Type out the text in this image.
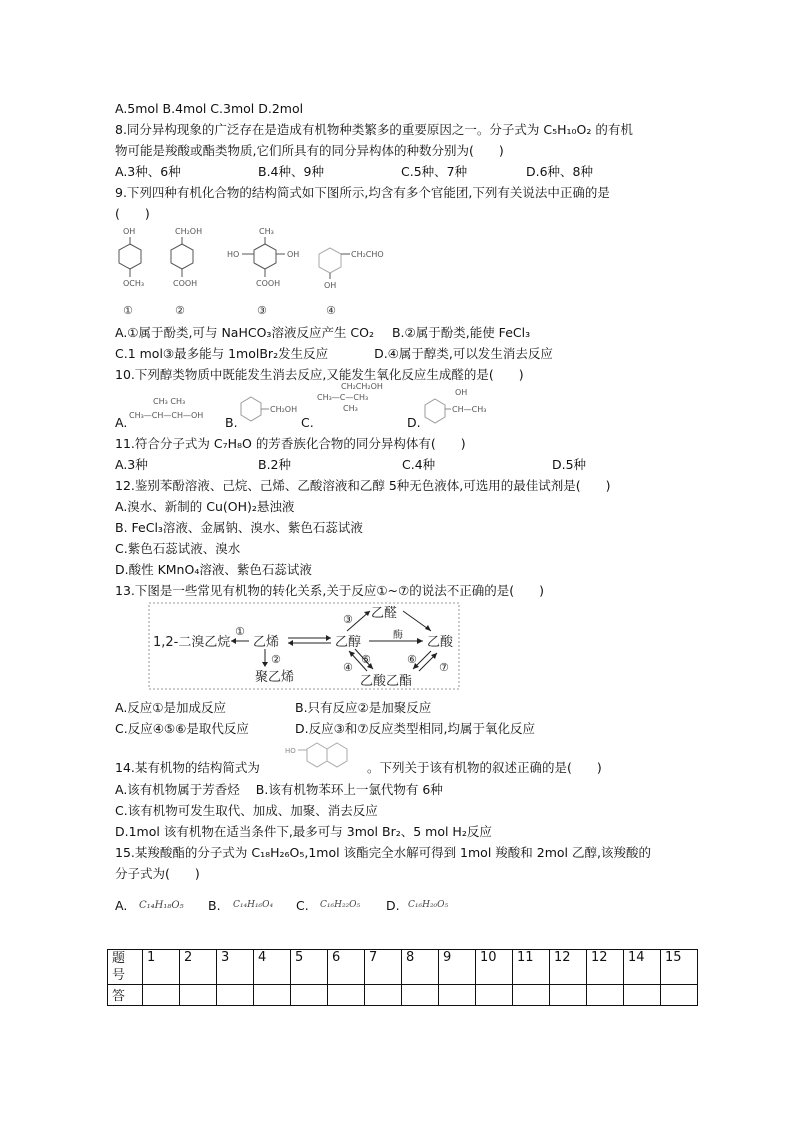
A.5mol B.4mol C.3mol D.2mol

8.同分异构现象的广泛存在是造成有机物种类繁多的重要原因之一。分子式为 C₅H₁₀O₂ 的有机

物可能是羧酸或酯类物质,它们所具有的同分异构体的种数分别为(　　)

A.3种、6种	B.4种、9种	C.5种、7种	D.6种、8种

9.下列四种有机化合物的结构简式如下图所示,均含有多个官能团,下列有关说法中正确的是

(　　)

OH
OCH₃
①
CH₂OH
COOH
②
CH₃
HO	OH
COOH
③
CH₂CHO
OH
④

A.①属于酚类,可与 NaHCO₃溶液反应产生 CO₂ B.②属于酚类,能使 FeCl₃

C.1 mol③最多能与 1molBr₂发生反应	D.④属于醇类,可以发生消去反应

10.下列醇类物质中既能发生消去反应,又能发生氧化反应生成醛的是(　　)

A.
CH₃ CH₃
CH₃—CH—CH—OH B.
CH₂OH
C.
CH₂CH₂OH
CH₃—C—CH₃
CH₃
D.
OH
CH—CH₃

11.符合分子式为 C₇H₈O 的芳香族化合物的同分异构体有(　　)

A.3种	B.2种	C.4种	D.5种

12.鉴别苯酚溶液、己烷、己烯、乙酸溶液和乙醇 5种无色液体,可选用的最佳试剂是(　　)

A.溴水、新制的 Cu(OH)₂悬浊液

B. FeCl₃溶液、金属钠、溴水、紫色石蕊试液

C.紫色石蕊试液、溴水

D.酸性 KMnO₄溶液、紫色石蕊试液

13.下图是一些常见有机物的转化关系,关于反应①~⑦的说法不正确的是(　　)

1,2-二溴乙烷 乙烯	乙醇
乙醛
乙酸
聚乙烯	乙酸乙酯
酶
①
②
③
④
⑤	⑥
⑦

A.反应①是加成反应	B.只有反应②是加聚反应

C.反应④⑤⑥是取代反应	D.反应③和⑦反应类型相同,均属于氧化反应

14.某有机物的结构简式为
HO
。下列关于该有机物的叙述正确的是(　　)

A.该有机物属于芳香烃 B.该有机物苯环上一氯代物有 6种

C.该有机物可发生取代、加成、加聚、消去反应

D.1mol 该有机物在适当条件下,最多可与 3mol Br₂、5 mol H₂反应

15.某羧酸酯的分子式为 C₁₈H₂₆O₅,1mol 该酯完全水解可得到 1mol 羧酸和 2mol 乙醇,该羧酸的

分子式为(　　)

A. C₁₄H₁₈O₅ B. C₁₄H₁₆O₄ C. C₁₆H₂₂O₅ D. C₁₆H₂₀O₅
题
号	1	2	3	4	5	6	7	8	9	10	11	12	12	14	15
答															
